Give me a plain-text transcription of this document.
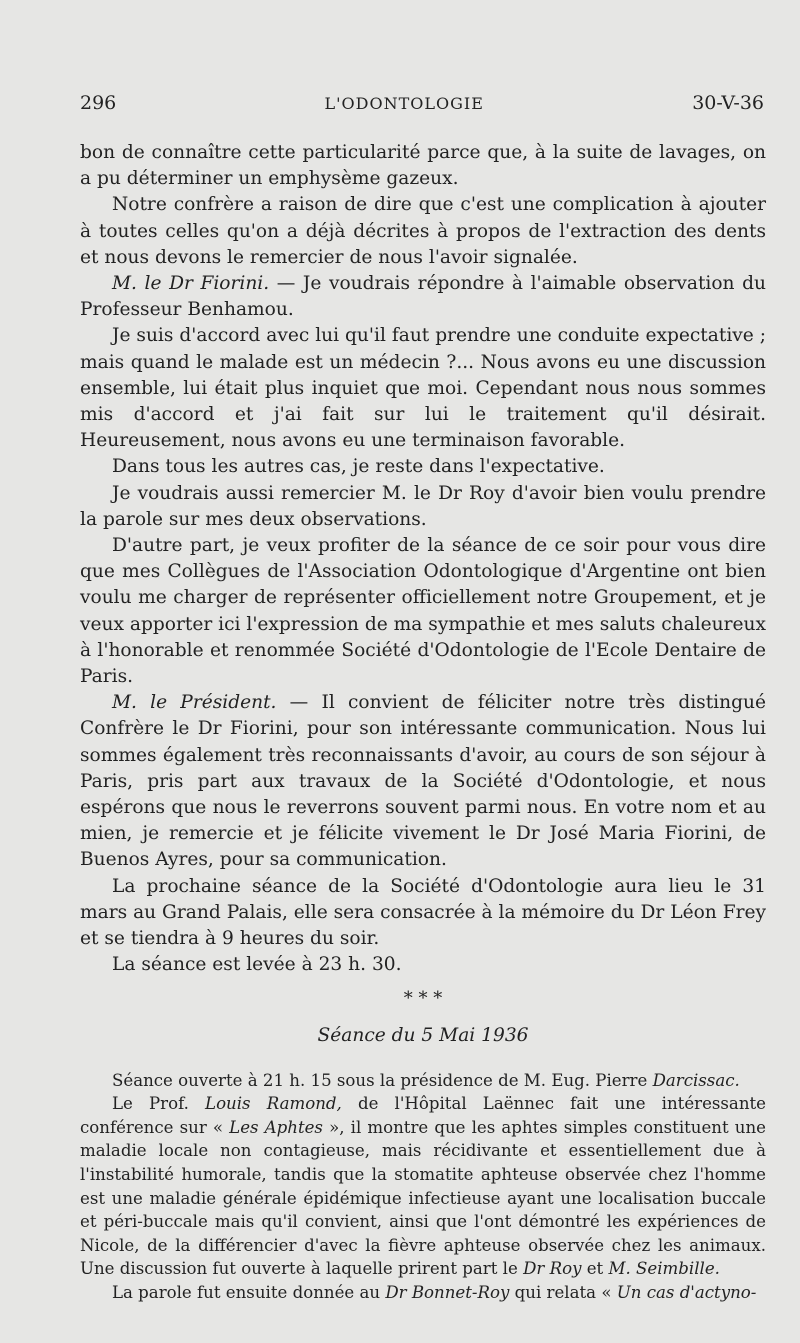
296	L'ODONTOLOGIE	30-V-36

bon de connaître cette particularité parce que, à la suite de lavages, on a pu déterminer un emphysème gazeux.

Notre confrère a raison de dire que c'est une complication à ajouter à toutes celles qu'on a déjà décrites à propos de l'extraction des dents et nous devons le remercier de nous l'avoir signalée.

M. le Dr Fiorini. — Je voudrais répondre à l'aimable observation du Professeur Benhamou.

Je suis d'accord avec lui qu'il faut prendre une conduite expectative ; mais quand le malade est un médecin ?... Nous avons eu une discussion ensemble, lui était plus inquiet que moi. Cependant nous nous sommes mis d'accord et j'ai fait sur lui le traitement qu'il désirait. Heureusement, nous avons eu une terminaison favorable.

Dans tous les autres cas, je reste dans l'expectative.

Je voudrais aussi remercier M. le Dr Roy d'avoir bien voulu prendre la parole sur mes deux observations.

D'autre part, je veux profiter de la séance de ce soir pour vous dire que mes Collègues de l'Association Odontologique d'Argentine ont bien voulu me charger de représenter officiellement notre Groupement, et je veux apporter ici l'expression de ma sympathie et mes saluts chaleureux à l'honorable et renommée Société d'Odontologie de l'Ecole Dentaire de Paris.

M. le Président. — Il convient de féliciter notre très distingué Confrère le Dr Fiorini, pour son intéressante communication. Nous lui sommes également très reconnaissants d'avoir, au cours de son séjour à Paris, pris part aux travaux de la Société d'Odontologie, et nous espérons que nous le reverrons souvent parmi nous. En votre nom et au mien, je remercie et je félicite vivement le Dr José Maria Fiorini, de Buenos Ayres, pour sa communication.

La prochaine séance de la Société d'Odontologie aura lieu le 31 mars au Grand Palais, elle sera consacrée à la mémoire du Dr Léon Frey et se tiendra à 9 heures du soir.

La séance est levée à 23 h. 30.

* * *
Séance du 5 Mai 1936

Séance ouverte à 21 h. 15 sous la présidence de M. Eug. Pierre Darcissac.

Le Prof. Louis Ramond, de l'Hôpital Laënnec fait une intéressante conférence sur « Les Aphtes », il montre que les aphtes simples constituent une maladie locale non contagieuse, mais récidivante et essentiellement due à l'instabilité humorale, tandis que la stomatite aphteuse observée chez l'homme est une maladie générale épidémique infectieuse ayant une localisation buccale et péri-buccale mais qu'il convient, ainsi que l'ont démontré les expériences de Nicole, de la différencier d'avec la fièvre aphteuse observée chez les animaux. Une discussion fut ouverte à laquelle prirent part le Dr Roy et M. Seimbille.

La parole fut ensuite donnée au Dr Bonnet-Roy qui relata « Un cas d'actyno-
